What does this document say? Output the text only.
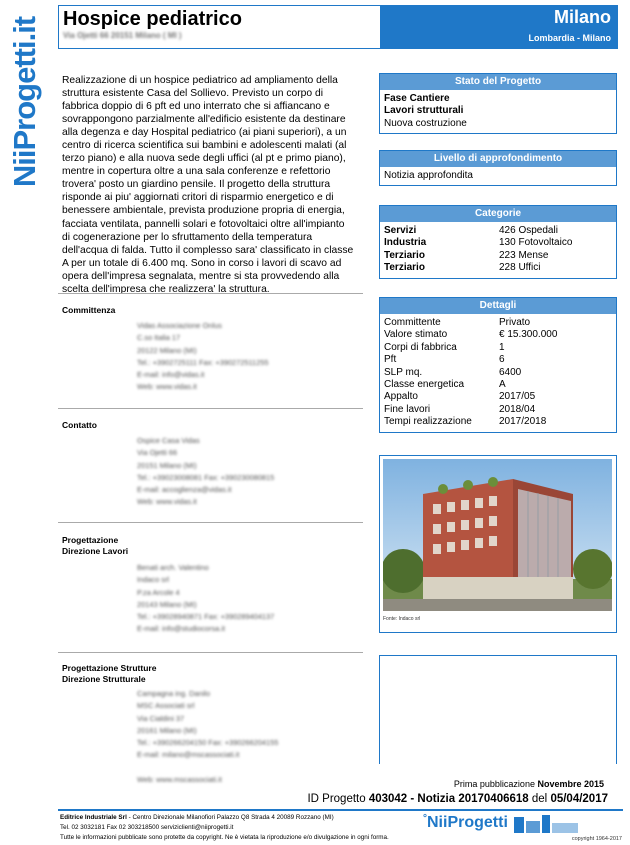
NiiProgetti.it Hospice pediatrico
Via Ojetti 66 20151 Milano ( MI )
Milano
Lombardia - Milano
Realizzazione di un hospice pediatrico ad ampliamento della struttura esistente Casa del Sollievo. Previsto un corpo di fabbrica doppio di 6 pft ed uno interrato che si affiancano e sovrappongono parzialmente all'edificio esistente da destinare alla degenza e day Hospital pediatrico (ai piani superiori), a un centro di ricerca scientifica sui bambini e adolescenti malati (al terzo piano) e alla nuova sede degli uffici (al pt e primo piano), mentre in copertura oltre a una sala conferenze e refettorio trovera' posto un giardino pensile. Il progetto della struttura risponde ai piu' aggiornati critori di risparmio energetico e di benessere ambientale, prevista produzione propria di energia, facciata ventilata, pannelli solari e fotovoltaici oltre all'impianto di cogenerazione per lo sfruttamento della temperatura dell'acqua di falda. Tutto il complesso sara' classificato in classe A per un totale di 6.400 mq. Sono in corso i lavori di scavo ad opera dell'impresa segnalata, mentre si sta provvedendo alla scelta dell'impresa che realizzera' la struttura.
Stato del Progetto
Fase Cantiere
Lavori strutturali
Nuova costruzione
Livello di approfondimento
Notizia approfondita
Categorie
Servizi	426 Ospedali
Industria	130 Fotovoltaico
Terziario	223 Mense
Terziario	228 Uffici
Dettagli
Committente	Privato
Valore stimato	€ 15.300.000
Corpi di fabbrica	1
Pft	6
SLP mq.	6400
Classe energetica	A
Appalto	2017/05
Fine lavori	2018/04
Tempi realizzazione	2017/2018
Fonte: Indaco srl
Committenza
Vidas Associazione Onlus
C.so Italia 17
20122 Milano (MI)
Tel.: +3902725111 Fax: +390272511255
E-mail: info@vidas.it
Web: www.vidas.it
Contatto
Ospice Casa Vidas
Via Ojetti 66
20151 Milano (MI)
Tel.: +39023008081 Fax: +390230080815
E-mail: accoglienza@vidas.it
Web: www.vidas.it
Progettazione
Direzione Lavori
Benati arch. Valentino
Indaco srl
P.za Arcole 4
20143 Milano (MI)
Tel.: +39028940871 Fax: +390289404137
E-mail: info@studiocorsa.it
Progettazione Strutture
Direzione Strutturale
Campagna ing. Danilo
MSC Associati srl
Via Cialdini 37
20161 Milano (MI)
Tel.: +390266204150 Fax: +390266204155
E-mail: milano@mscassociati.it

Web: www.mscassociati.it	Prima pubblicazione Novembre 2015
ID Progetto 403042 - Notizia 20170406618 del 05/04/2017
Editrice Industriale Srl - Centro Direzionale Milanofiori Palazzo Q8 Strada 4 20089 Rozzano (MI)
Tel. 02 3032181 Fax 02 303218500 serviziclienti@niiprogetti.it
Tutte le informazioni pubblicate sono protette da copyright. Ne è vietata la riproduzione e/o divulgazione in ogni forma.
°NiiProgetti
copyright 1964-2017
